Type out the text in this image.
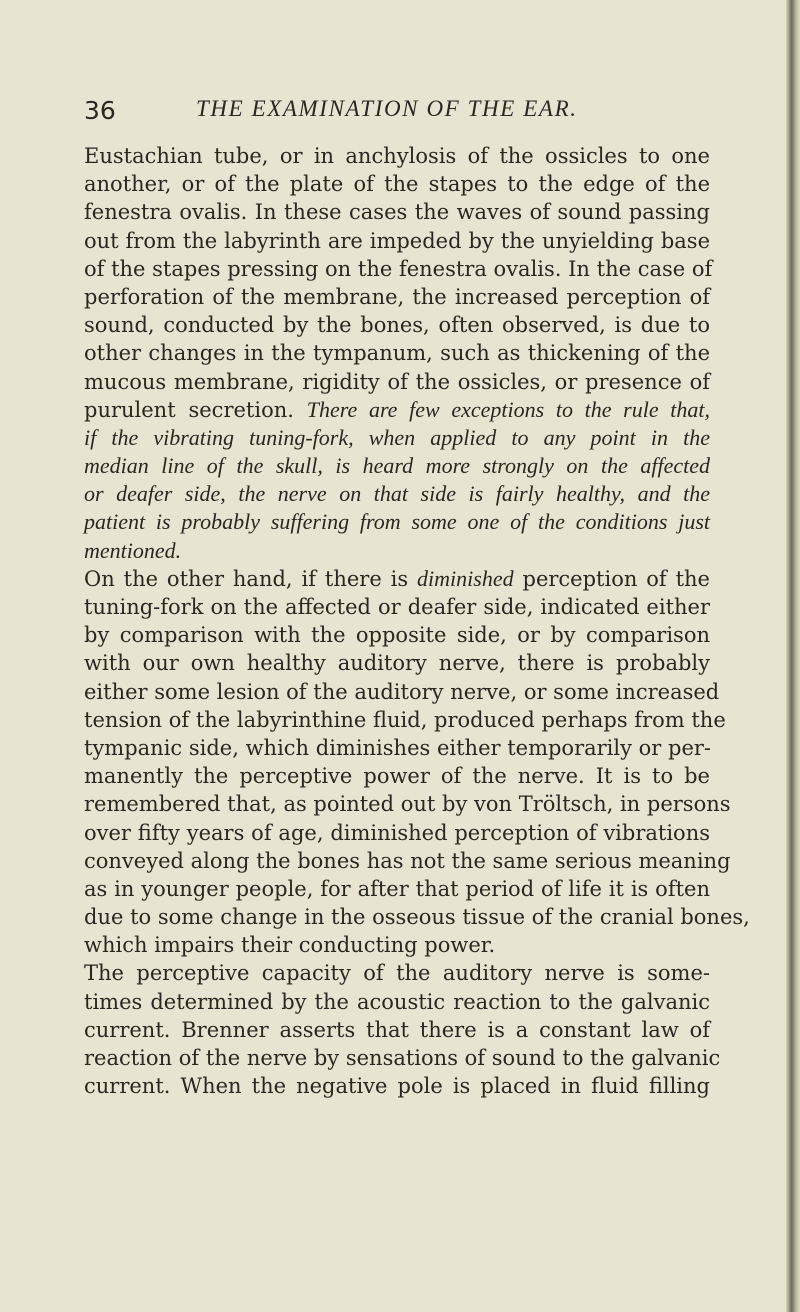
36	THE EXAMINATION OF THE EAR.
Eustachian tube, or in anchylosis of the ossicles to one
another, or of the plate of the stapes to the edge of the
fenestra ovalis. In these cases the waves of sound passing
out from the labyrinth are impeded by the unyielding base
of the stapes pressing on the fenestra ovalis. In the case of
perforation of the membrane, the increased perception of
sound, conducted by the bones, often observed, is due to
other changes in the tympanum, such as thickening of the
mucous membrane, rigidity of the ossicles, or presence of
purulent secretion. There are few exceptions to the rule that,
if the vibrating tuning-fork, when applied to any point in the
median line of the skull, is heard more strongly on the affected
or deafer side, the nerve on that side is fairly healthy, and the
patient is probably suffering from some one of the conditions just
mentioned.
On the other hand, if there is diminished perception of the
tuning-fork on the affected or deafer side, indicated either
by comparison with the opposite side, or by comparison
with our own healthy auditory nerve, there is probably
either some lesion of the auditory nerve, or some increased
tension of the labyrinthine fluid, produced perhaps from the
tympanic side, which diminishes either temporarily or per-
manently the perceptive power of the nerve. It is to be
remembered that, as pointed out by von Tröltsch, in persons
over fifty years of age, diminished perception of vibrations
conveyed along the bones has not the same serious meaning
as in younger people, for after that period of life it is often
due to some change in the osseous tissue of the cranial bones,
which impairs their conducting power.
The perceptive capacity of the auditory nerve is some-
times determined by the acoustic reaction to the galvanic
current. Brenner asserts that there is a constant law of
reaction of the nerve by sensations of sound to the galvanic
current. When the negative pole is placed in fluid filling
